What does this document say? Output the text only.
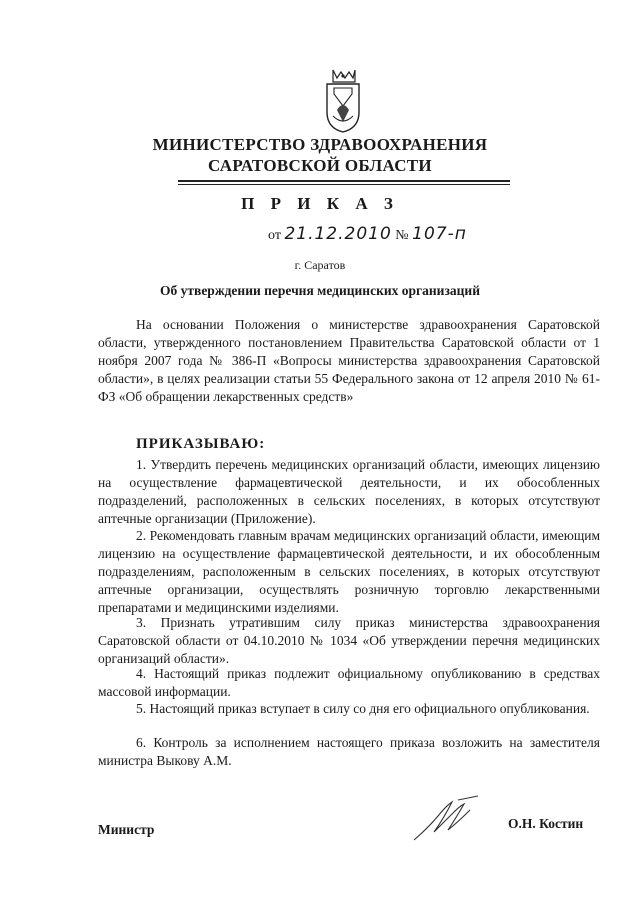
МИНИСТЕРСТВО ЗДРАВООХРАНЕНИЯ
САРАТОВСКОЙ ОБЛАСТИ
П Р И К А З
от 21.12.2010 № 107-п
г. Саратов
Об утверждении перечня медицинских организаций

На основании Положения о министерстве здравоохранения Саратовской области, утвержденного постановлением Правительства Саратовской области от 1 ноября 2007 года № 386-П «Вопросы министерства здравоохранения Саратовской области», в целях реализации статьи 55 Федерального закона от 12 апреля 2010 № 61-ФЗ «Об обращении лекарственных средств»

ПРИКАЗЫВАЮ:

1. Утвердить перечень медицинских организаций области, имеющих лицензию на осуществление фармацевтической деятельности, и их обособленных подразделений, расположенных в сельских поселениях, в которых отсутствуют аптечные организации (Приложение).

2. Рекомендовать главным врачам медицинских организаций области, имеющим лицензию на осуществление фармацевтической деятельности, и их обособленным подразделениям, расположенным в сельских поселениях, в которых отсутствуют аптечные организации, осуществлять розничную торговлю лекарственными препаратами и медицинскими изделиями.

3. Признать утратившим силу приказ министерства здравоохранения Саратовской области от 04.10.2010 № 1034 «Об утверждении перечня медицинских организаций области».

4. Настоящий приказ подлежит официальному опубликованию в средствах массовой информации.

5. Настоящий приказ вступает в силу со дня его официального опубликования.

6. Контроль за исполнением настоящего приказа возложить на заместителя министра Выкову А.М.

Министр	О.Н. Костин
